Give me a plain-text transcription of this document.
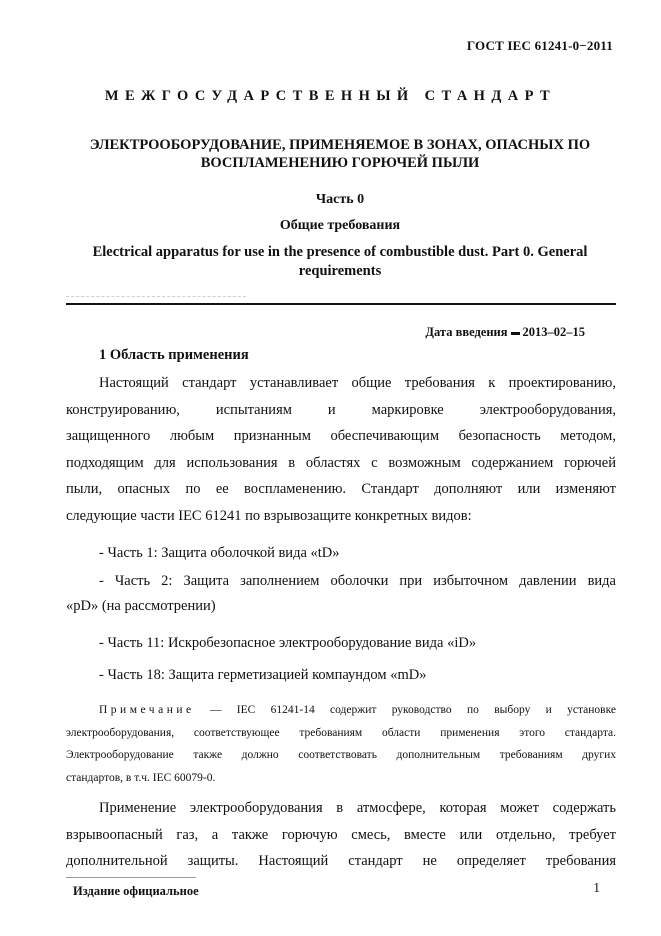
ГОСТ IEC 61241-0−2011
МЕЖГОСУДАРСТВЕННЫЙ СТАНДАРТ
ЭЛЕКТРООБОРУДОВАНИЕ, ПРИМЕНЯЕМОЕ В ЗОНАХ, ОПАСНЫХ ПО
ВОСПЛАМЕНЕНИЮ ГОРЮЧЕЙ ПЫЛИ
Часть 0
Общие требования
Electrical apparatus for use in the presence of combustible dust. Part 0. General
requirements
Дата введения 2013–02–15
1 Область применения
Настоящий стандарт устанавливает общие требования к проектированию,
конструированию, испытаниям и маркировке электрооборудования,
защищенного любым признанным обеспечивающим безопасность методом,
подходящим для использования в областях с возможным содержанием горючей
пыли, опасных по ее воспламенению. Стандарт дополняют или изменяют
следующие части IEC 61241 по взрывозащите конкретных видов:
- Часть 1: Защита оболочкой вида «tD»
- Часть 2: Защита заполнением оболочки при избыточном давлении вида
«pD» (на рассмотрении)
- Часть 11: Искробезопасное электрооборудование вида «iD»
- Часть 18: Защита герметизацией компаундом «mD»
Примечание — IEC 61241-14 содержит руководство по выбору и установке
электрооборудования, соответствующее требованиям области применения этого стандарта.
Электрооборудование также должно соответствовать дополнительным требованиям других
стандартов, в т.ч. IEC 60079-0.
Применение электрооборудования в атмосфере, которая может содержать
взрывоопасный газ, а также горючую смесь, вместе или отдельно, требует
дополнительной защиты. Настоящий стандарт не определяет требования
Издание официальное	1
